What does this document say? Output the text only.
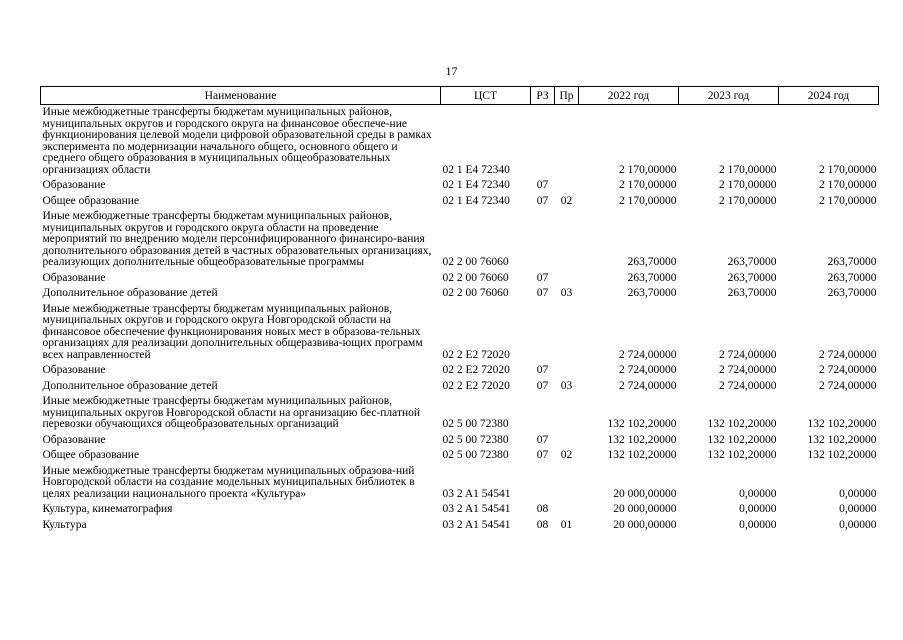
17
Наименование	ЦСТ	РЗ	Пр	2022 год	2023 год	2024 год
Иные межбюджетные трансферты бюджетам муниципальных районов, муниципальных округов и городского округа на финансовое обеспече-ние функционирования целевой модели цифровой образовательной среды в рамках эксперимента по модернизации начального общего, основного общего и среднего общего образования в муниципальных общеобразовательных организациях области	02 1 E4 72340			2 170,00000	2 170,00000	2 170,00000
Образование	02 1 E4 72340	07		2 170,00000	2 170,00000	2 170,00000
Общее образование	02 1 E4 72340	07	02	2 170,00000	2 170,00000	2 170,00000
Иные межбюджетные трансферты бюджетам муниципальных районов, муниципальных округов и городского округа области на проведение мероприятий по внедрению модели персонифицированного финансиро-вания дополнительного образования детей в частных образовательных организациях, реализующих дополнительные общеобразовательные программы	02 2 00 76060			263,70000	263,70000	263,70000
Образование	02 2 00 76060	07		263,70000	263,70000	263,70000
Дополнительное образование детей	02 2 00 76060	07	03	263,70000	263,70000	263,70000
Иные межбюджетные трансферты бюджетам муниципальных районов, муниципальных округов и городского округа Новгородской области на финансовое обеспечение функционирования новых мест в образова-тельных организациях для реализации дополнительных общеразвива-ющих программ всех направленностей	02 2 E2 72020			2 724,00000	2 724,00000	2 724,00000
Образование	02 2 E2 72020	07		2 724,00000	2 724,00000	2 724,00000
Дополнительное образование детей	02 2 E2 72020	07	03	2 724,00000	2 724,00000	2 724,00000
Иные межбюджетные трансферты бюджетам муниципальных районов, муниципальных округов Новгородской области на организацию бес-платной перевозки обучающихся общеобразовательных организаций	02 5 00 72380			132 102,20000	132 102,20000	132 102,20000
Образование	02 5 00 72380	07		132 102,20000	132 102,20000	132 102,20000
Общее образование	02 5 00 72380	07	02	132 102,20000	132 102,20000	132 102,20000
Иные межбюджетные трансферты бюджетам муниципальных образова-ний Новгородской области на создание модельных муниципальных библиотек в целях реализации национального проекта «Культура»	03 2 A1 54541			20 000,00000	0,00000	0,00000
Культура, кинематография	03 2 A1 54541	08		20 000,00000	0,00000	0,00000
Культура	03 2 A1 54541	08	01	20 000,00000	0,00000	0,00000
